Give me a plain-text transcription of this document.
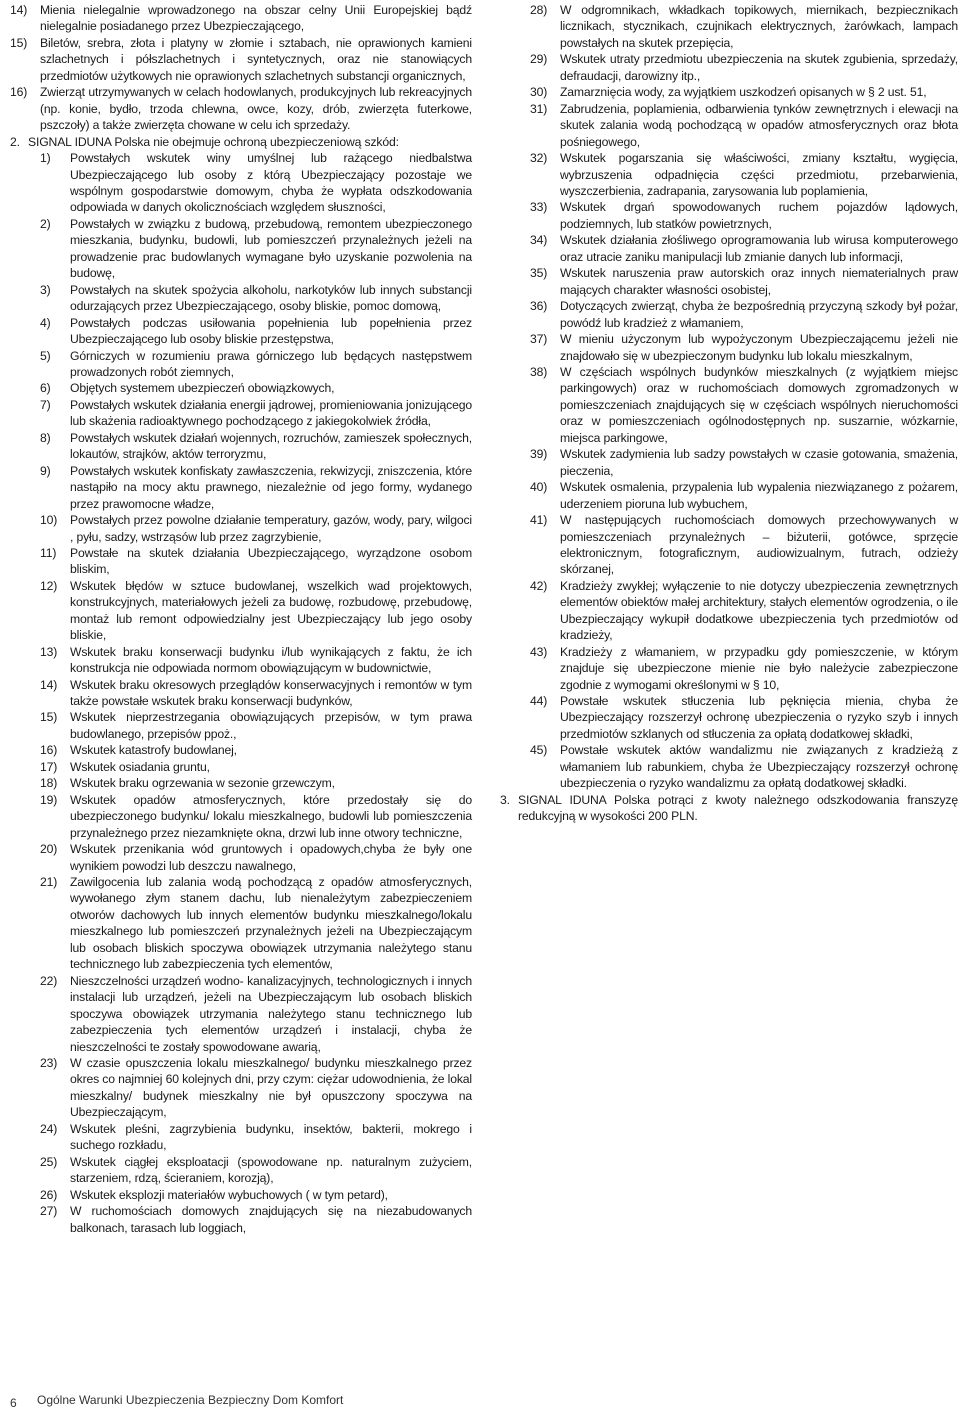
14) Mienia nielegalnie wprowadzonego na obszar celny Unii Europejskiej bądź nielegalnie posiadanego przez Ubezpieczającego,
15) Biletów, srebra, złota i platyny w złomie i sztabach, nie oprawionych kamieni szlachetnych i półszlachetnych i syntetycznych, oraz nie stanowiących przedmiotów użytkowych nie oprawionych szlachetnych substancji organicznych,
16) Zwierząt utrzymywanych w celach hodowlanych, produkcyjnych lub rekreacyjnych (np. konie, bydło, trzoda chlewna, owce, kozy, drób, zwierzęta futerkowe, pszczoły) a także zwierzęta chowane w celu ich sprzedaży.
2. SIGNAL IDUNA Polska nie obejmuje ochroną ubezpieczeniową szkód:
1) Powstałych wskutek winy umyślnej lub rażącego niedbalstwa Ubezpieczającego lub osoby z którą Ubezpieczający pozostaje we wspólnym gospodarstwie domowym, chyba że wypłata odszkodowania odpowiada w danych okolicznościach względem słuszności,
2) Powstałych w związku z budową, przebudową, remontem ubezpieczonego mieszkania, budynku, budowli, lub pomieszczeń przynależnych jeżeli na prowadzenie prac budowlanych wymagane było uzyskanie pozwolenia na budowę,
3) Powstałych na skutek spożycia alkoholu, narkotyków lub innych substancji odurzających przez Ubezpieczającego, osoby bliskie, pomoc domową,
4) Powstałych podczas usiłowania popełnienia lub popełnienia przez Ubezpieczającego lub osoby bliskie przestępstwa,
5) Górniczych w rozumieniu prawa górniczego lub będących następstwem prowadzonych robót ziemnych,
6) Objętych systemem ubezpieczeń obowiązkowych,
7) Powstałych wskutek działania energii jądrowej, promieniowania jonizującego lub skażenia radioaktywnego pochodzącego z jakiegokolwiek źródła,
8) Powstałych wskutek działań wojennych, rozruchów, zamieszek społecznych, lokautów, strajków, aktów terroryzmu,
9) Powstałych wskutek konfiskaty zawłaszczenia, rekwizycji, zniszczenia, które nastąpiło na mocy aktu prawnego, niezależnie od jego formy, wydanego przez prawomocne władze,
10) Powstałych przez powolne działanie temperatury, gazów, wody, pary, wilgoci , pyłu, sadzy, wstrząsów lub przez zagrzybienie,
11) Powstałe na skutek działania Ubezpieczającego, wyrządzone osobom bliskim,
12) Wskutek błędów w sztuce budowlanej, wszelkich wad projektowych, konstrukcyjnych, materiałowych jeżeli za budowę, rozbudowę, przebudowę, montaż lub remont odpowiedzialny jest Ubezpieczający lub jego osoby bliskie,
13) Wskutek braku konserwacji budynku i/lub wynikających z faktu, że ich konstrukcja nie odpowiada normom obowiązującym w budownictwie,
14) Wskutek braku okresowych przeglądów konserwacyjnych i remontów w tym także powstałe wskutek braku konserwacji budynków,
15) Wskutek nieprzestrzegania obowiązujących przepisów, w tym prawa budowlanego, przepisów ppoż.,
16) Wskutek katastrofy budowlanej,
17) Wskutek osiadania gruntu,
18) Wskutek braku ogrzewania w sezonie grzewczym,
19) Wskutek opadów atmosferycznych, które przedostały się do ubezpieczonego budynku/ lokalu mieszkalnego, budowli lub pomieszczenia przynależnego przez niezamknięte okna, drzwi lub inne otwory techniczne,
20) Wskutek przenikania wód gruntowych i opadowych,chyba że były one wynikiem powodzi lub deszczu nawalnego,
21) Zawilgocenia lub zalania wodą pochodzącą z opadów atmosferycznych, wywołanego złym stanem dachu, lub nienależytym zabezpieczeniem otworów dachowych lub innych elementów budynku mieszkalnego/lokalu mieszkalnego lub pomieszczeń przynależnych jeżeli na Ubezpieczającym lub osobach bliskich spoczywa obowiązek utrzymania należytego stanu technicznego lub zabezpieczenia tych elementów,
22) Nieszczelności urządzeń wodno- kanalizacyjnych, technologicznych i innych instalacji lub urządzeń, jeżeli na Ubezpieczającym lub osobach bliskich spoczywa obowiązek utrzymania należytego stanu technicznego lub zabezpieczenia tych elementów urządzeń i instalacji, chyba że nieszczelności te zostały spowodowane awarią,
23) W czasie opuszczenia lokalu mieszkalnego/ budynku mieszkalnego przez okres co najmniej 60 kolejnych dni, przy czym: ciężar udowodnienia, że lokal mieszkalny/ budynek mieszkalny nie był opuszczony spoczywa na Ubezpieczającym,
24) Wskutek pleśni, zagrzybienia budynku, insektów, bakterii, mokrego i suchego rozkładu,
25) Wskutek ciągłej eksploatacji (spowodowane np. naturalnym zużyciem, starzeniem, rdzą, ścieraniem, korozją),
26) Wskutek eksplozji materiałów wybuchowych ( w tym petard),
27) W ruchomościach domowych znajdujących się na niezabudowanych balkonach, tarasach lub loggiach,
28) W odgromnikach, wkładkach topikowych, miernikach, bezpiecznikach licznikach, stycznikach, czujnikach elektrycznych, żarówkach, lampach powstałych na skutek przepięcia,
29) Wskutek utraty przedmiotu ubezpieczenia na skutek zgubienia, sprzedaży, defraudacji, darowizny itp.,
30) Zamarznięcia wody, za wyjątkiem uszkodzeń opisanych w § 2 ust. 51,
31) Zabrudzenia, poplamienia, odbarwienia tynków zewnętrznych i elewacji na skutek zalania wodą pochodzącą w opadów atmosferycznych oraz błota pośniegowego,
32) Wskutek pogarszania się właściwości, zmiany kształtu, wygięcia, wybrzuszenia odpadnięcia części przedmiotu, przebarwienia, wyszczerbienia, zadrapania, zarysowania lub poplamienia,
33) Wskutek drgań spowodowanych ruchem pojazdów lądowych, podziemnych, lub statków powietrznych,
34) Wskutek działania złośliwego oprogramowania lub wirusa komputerowego oraz utracie zaniku manipulacji lub zmianie danych lub informacji,
35) Wskutek naruszenia praw autorskich oraz innych niematerialnych praw mających charakter własności osobistej,
36) Dotyczących zwierząt, chyba że bezpośrednią przyczyną szkody był pożar, powódź lub kradzież z włamaniem,
37) W mieniu użyczonym lub wypożyczonym Ubezpieczającemu jeżeli nie znajdowało się w ubezpieczonym budynku lub lokalu mieszkalnym,
38) W częściach wspólnych budynków mieszkalnych (z wyjątkiem miejsc parkingowych) oraz w ruchomościach domowych zgromadzonych w pomieszczeniach znajdujących się w częściach wspólnych nieruchomości oraz w pomieszczeniach ogólnodostępnych np. suszarnie, wózkarnie, miejsca parkingowe,
39) Wskutek zadymienia lub sadzy powstałych w czasie gotowania, smażenia, pieczenia,
40) Wskutek osmalenia, przypalenia lub wypalenia niezwiązanego z pożarem, uderzeniem pioruna lub wybuchem,
41) W następujących ruchomościach domowych przechowywanych w pomieszczeniach przynależnych – biżuterii, gotówce, sprzęcie elektronicznym, fotograficznym, audiowizualnym, futrach, odzieży skórzanej,
42) Kradzieży zwykłej; wyłączenie to nie dotyczy ubezpieczenia zewnętrznych elementów obiektów małej architektury, stałych elementów ogrodzenia, o ile Ubezpieczający wykupił dodatkowe ubezpieczenia tych przedmiotów od kradzieży,
43) Kradzieży z włamaniem, w przypadku gdy pomieszczenie, w którym znajduje się ubezpieczone mienie nie było należycie zabezpieczone zgodnie z wymogami określonymi w § 10,
44) Powstałe wskutek stłuczenia lub pęknięcia mienia, chyba że Ubezpieczający rozszerzył ochronę ubezpieczenia o ryzyko szyb i innych przedmiotów szklanych od stłuczenia za opłatą dodatkowej składki,
45) Powstałe wskutek aktów wandalizmu nie związanych z kradzieżą z włamaniem lub rabunkiem, chyba że Ubezpieczający rozszerzył ochronę ubezpieczenia o ryzyko wandalizmu za opłatą dodatkowej składki.
3. SIGNAL IDUNA Polska potrąci z kwoty należnego odszkodowania franszyzę redukcyjną w wysokości 200 PLN.
6 Ogólne Warunki Ubezpieczenia Bezpieczny Dom Komfort
